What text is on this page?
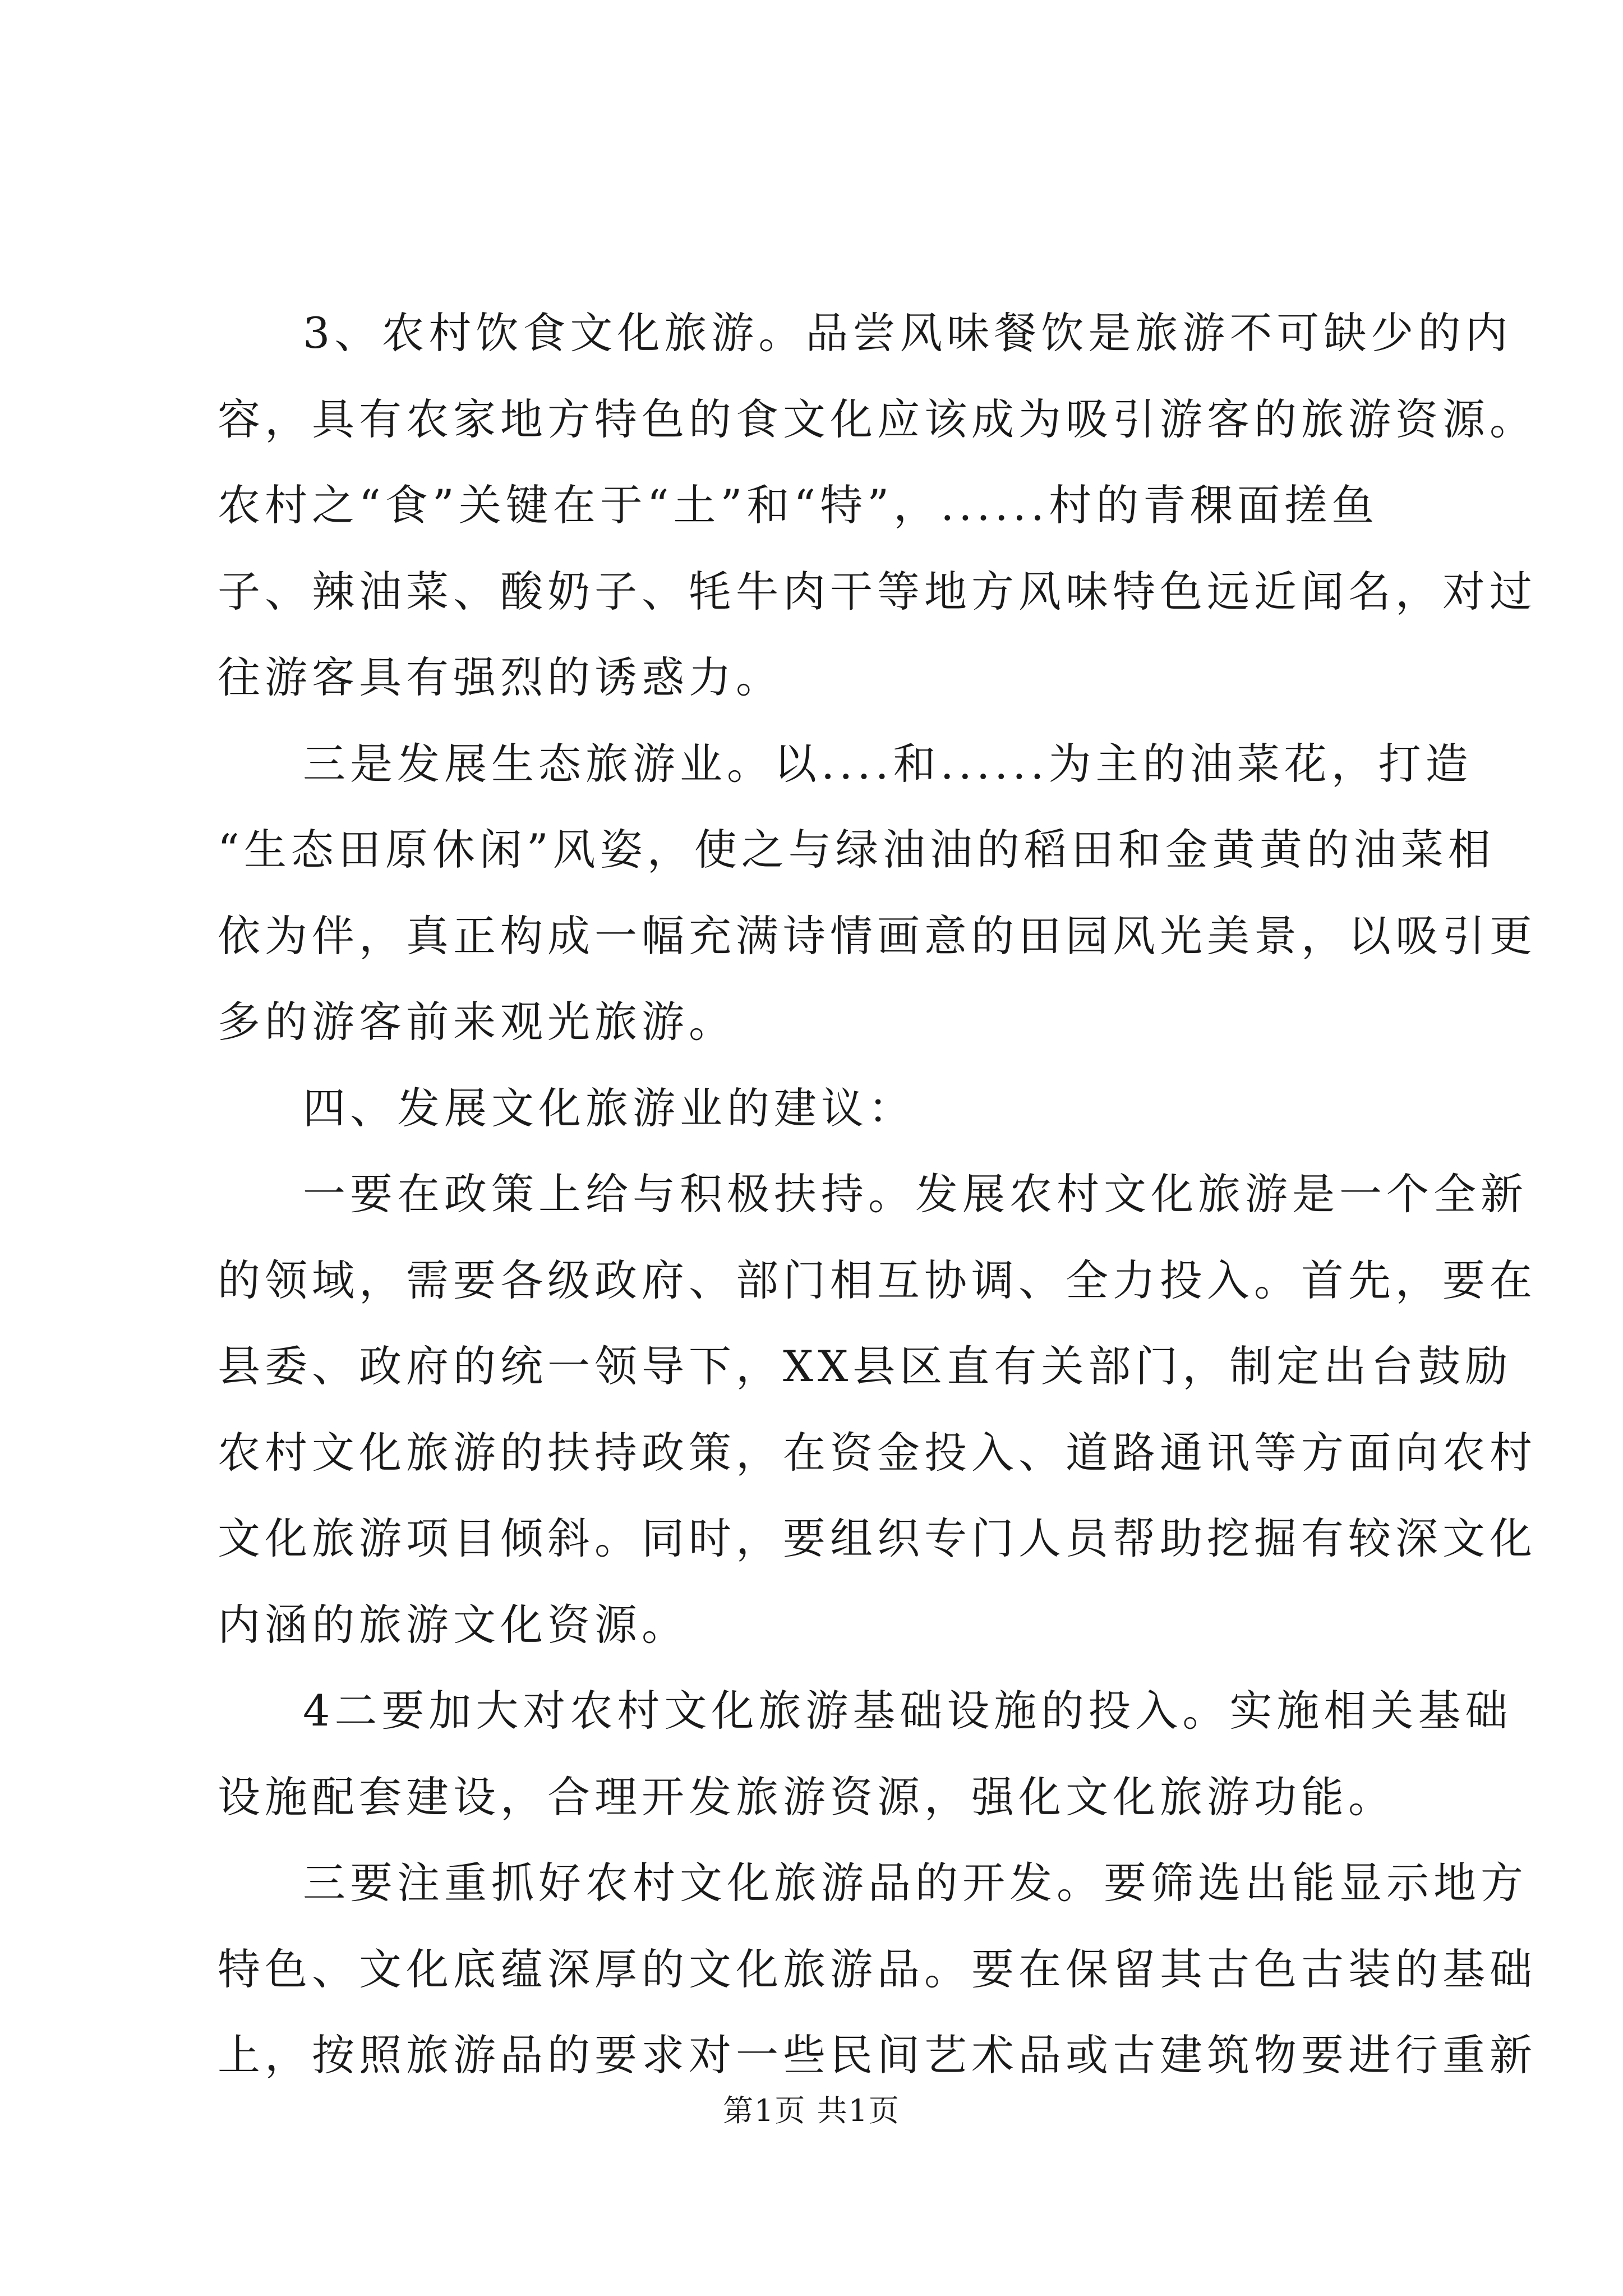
3、农村饮食文化旅游。品尝风味餐饮是旅游不可缺少的内
容，具有农家地方特色的食文化应该成为吸引游客的旅游资源。
农村之“食”关键在于“土”和“特”，......村的青稞面搓鱼
子、辣油菜、酸奶子、牦牛肉干等地方风味特色远近闻名，对过
往游客具有强烈的诱惑力。
三是发展生态旅游业。以....和......为主的油菜花，打造
“生态田原休闲”风姿，使之与绿油油的稻田和金黄黄的油菜相
依为伴，真正构成一幅充满诗情画意的田园风光美景，以吸引更
多的游客前来观光旅游。
四、发展文化旅游业的建议：
一要在政策上给与积极扶持。发展农村文化旅游是一个全新
的领域，需要各级政府、部门相互协调、全力投入。首先，要在
县委、政府的统一领导下，XX县区直有关部门，制定出台鼓励
农村文化旅游的扶持政策，在资金投入、道路通讯等方面向农村
文化旅游项目倾斜。同时，要组织专门人员帮助挖掘有较深文化
内涵的旅游文化资源。
4二要加大对农村文化旅游基础设施的投入。实施相关基础
设施配套建设，合理开发旅游资源，强化文化旅游功能。
三要注重抓好农村文化旅游品的开发。要筛选出能显示地方
特色、文化底蕴深厚的文化旅游品。要在保留其古色古装的基础
上，按照旅游品的要求对一些民间艺术品或古建筑物要进行重新
第1页 共1页
